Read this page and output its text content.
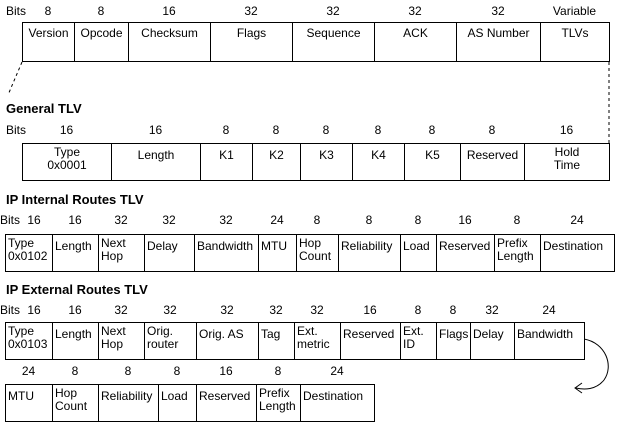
Bits	8
Version
8
Opcode
16
Checksum
32
Flags
32
Sequence
32
ACK
32
AS Number
Variable
TLVs
General TLV
Bits	16
Type
0x0001
16
Length
8
K1
8
K2
8
K3
8
K4
8
K5
8
Reserved
16
Hold
Time
IP Internal Routes TLV
Bits 16
Type
0x0102
16
Length
32
Next
Hop
32
Delay
32
Bandwidth
24
MTU
8
Hop
Count
8
Reliability
8
Load
16
Reserved
8
Prefix
Length
24
Destination
IP External Routes TLV
Bits 16
Type
0x0103
16
Length
32
Next
Hop
32
Orig.
router
32
Orig. AS
32
Tag
32
Ext.
metric
16
Reserved
8
Ext.
ID
8
Flags
32
Delay
24
Bandwidth
24
MTU
8
Hop
Count
8
Reliability
8
Load
16
Reserved
8
Prefix
Length
24
Destination
